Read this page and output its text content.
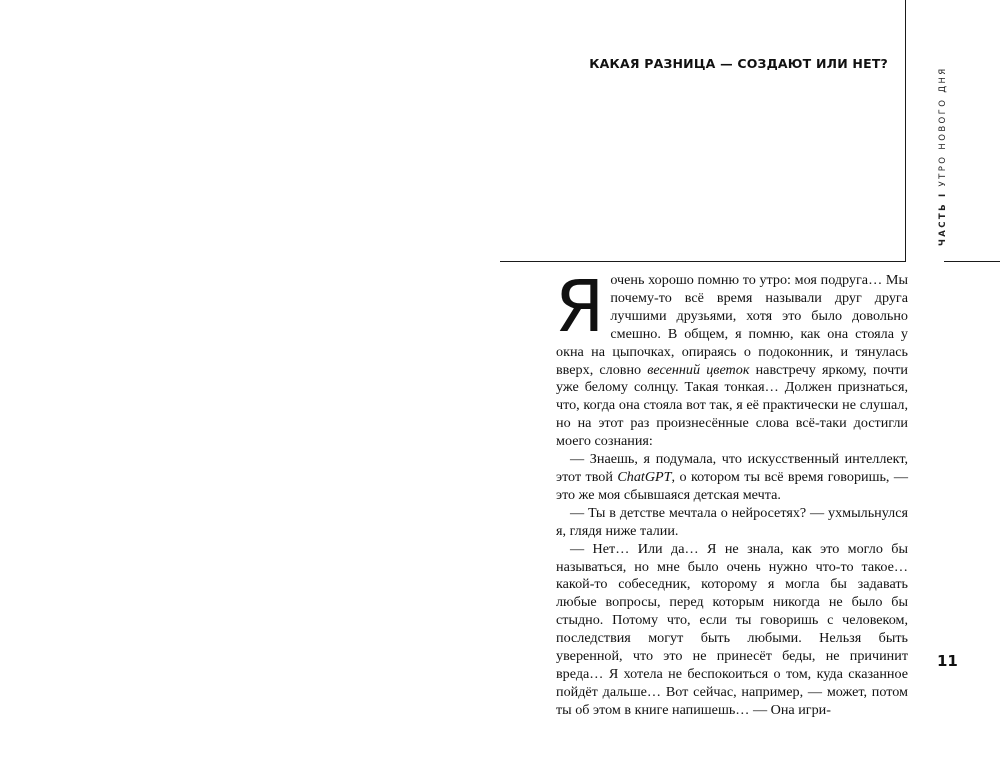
КАКАЯ РАЗНИЦА — СОЗДАЮТ ИЛИ НЕТ?
ЧАСТЬIУТРО НОВОГО ДНЯ
11

Яочень хорошо помню то утро: моя подруга… Мы почему-то всё время называли друг друга лучшими друзьями, хотя это было довольно смешно. В общем, я помню, как она стояла у окна на цыпочках, опираясь о подоконник, и тянулась вверх, словно весенний цветок навстречу яркому, почти уже белому солнцу. Такая тонкая… Должен признаться, что, когда она стояла вот так, я её практически не слушал, но на этот раз произнесённые слова всё-таки достигли моего сознания:

— Знаешь, я подумала, что искусственный интеллект, этот твой ChatGPT, о котором ты всё время говоришь, — это же моя сбывшаяся детская мечта.

— Ты в детстве мечтала о нейросетях? — ухмыльнулся я, глядя ниже талии.

— Нет… Или да… Я не знала, как это могло бы называться, но мне было очень нужно что-то такое… какой-то собеседник, которому я могла бы задавать любые вопросы, перед которым никогда не было бы стыдно. Потому что, если ты говоришь с человеком, последствия могут быть любыми. Нельзя быть уверенной, что это не принесёт беды, не причинит вреда… Я хотела не беспокоиться о том, куда сказанное пойдёт дальше… Вот сейчас, например, — может, потом ты об этом в книге напишешь… — Она игри-
